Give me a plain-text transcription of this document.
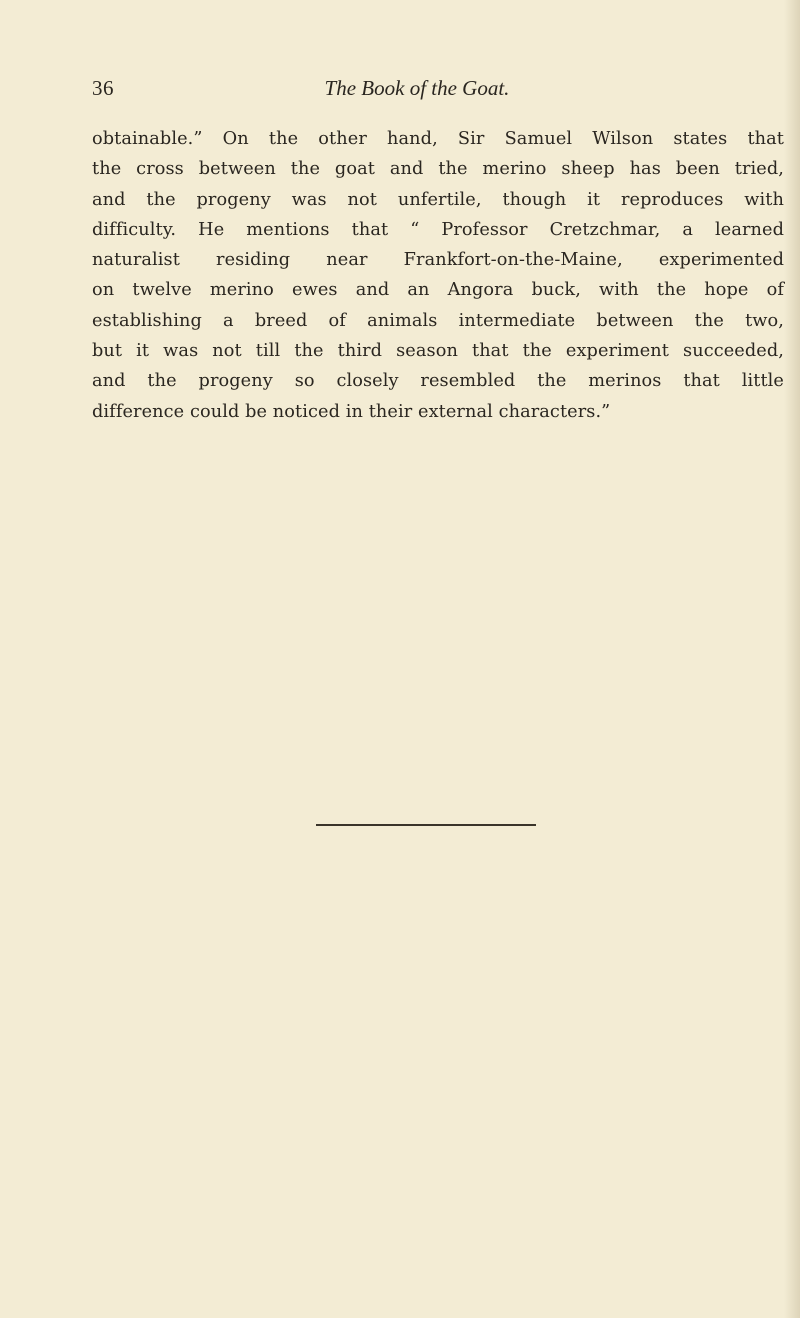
36	The Book of the Goat.

obtainable.” On the other hand, Sir Samuel Wilson states that
the cross between the goat and the merino sheep has been tried,
and the progeny was not unfertile, though it reproduces with
difficulty. He mentions that “ Professor Cretzchmar, a learned
naturalist residing near Frankfort-on-the-Maine, experimented
on twelve merino ewes and an Angora buck, with the hope of
establishing a breed of animals intermediate between the two,
but it was not till the third season that the experiment succeeded,
and the progeny so closely resembled the merinos that little
difference could be noticed in their external characters.”
